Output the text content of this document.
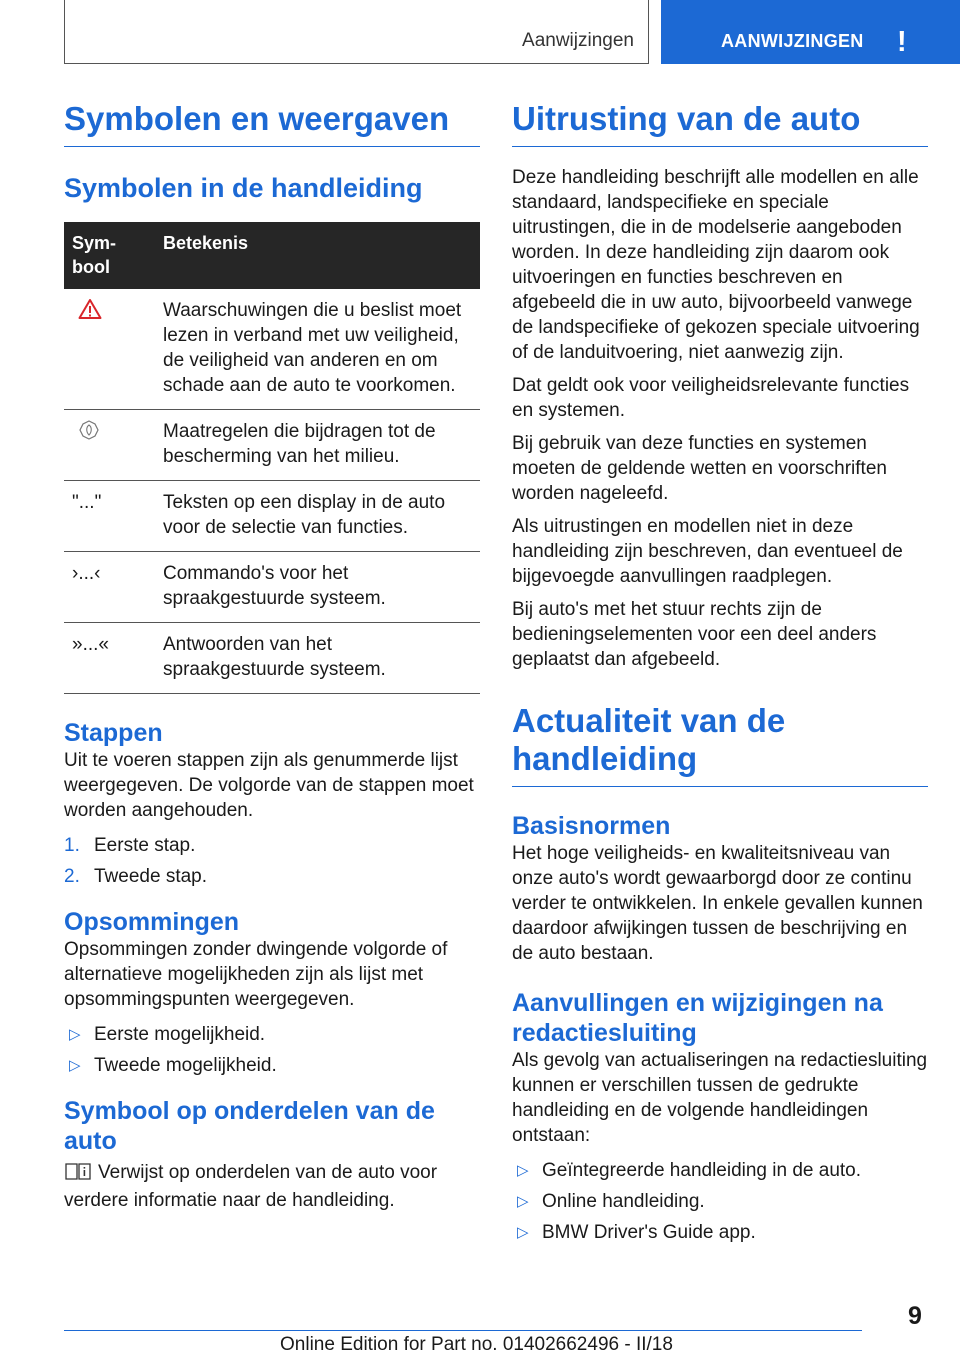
Aanwijzingen	AANWIJZINGEN !
Symbolen en weergaven
Symbolen in de handleiding
Sym-
bool	Betekenis
	Waarschuwingen die u beslist moet lezen in verband met uw veiligheid, de veiligheid van anderen en om schade aan de auto te voorkomen.
	Maatregelen die bijdragen tot de bescherming van het milieu.
"..."	Teksten op een display in de auto voor de selectie van functies.
›...‹	Commando's voor het spraakgestuurde systeem.
»...«	Antwoorden van het spraakgestuurde systeem.
Stappen

Uit te voeren stappen zijn als genummerde lijst weergegeven. De volgorde van de stappen moet worden aangehouden.

1. Eerste stap.
2. Tweede stap.
Opsommingen

Opsommingen zonder dwingende volgorde of alternatieve mogelijkheden zijn als lijst met opsommingspunten weergegeven.

▷ Eerste mogelijkheid.
▷ Tweede mogelijkheid.
Symbool op onderdelen van de auto

Verwijst op onderdelen van de auto voor verdere informatie naar de handleiding.

Uitrusting van de auto

Deze handleiding beschrijft alle modellen en alle standaard, landspecifieke en speciale uitrustingen, die in de modelserie aangeboden worden. In deze handleiding zijn daarom ook uitvoeringen en functies beschreven en afgebeeld die in uw auto, bijvoorbeeld vanwege de landspecifieke of gekozen speciale uitvoering of de landuitvoering, niet aanwezig zijn.

Dat geldt ook voor veiligheidsrelevante functies en systemen.

Bij gebruik van deze functies en systemen moeten de geldende wetten en voorschriften worden nageleefd.

Als uitrustingen en modellen niet in deze handleiding zijn beschreven, dan eventueel de bijgevoegde aanvullingen raadplegen.

Bij auto's met het stuur rechts zijn de bedieningselementen voor een deel anders geplaatst dan afgebeeld.

Actualiteit van de handleiding
Basisnormen

Het hoge veiligheids- en kwaliteitsniveau van onze auto's wordt gewaarborgd door ze continu verder te ontwikkelen. In enkele gevallen kunnen daardoor afwijkingen tussen de beschrijving en de auto bestaan.

Aanvullingen en wijzigingen na redactiesluiting

Als gevolg van actualiseringen na redactiesluiting kunnen er verschillen tussen de gedrukte handleiding en de volgende handleidingen ontstaan:

▷ Geïntegreerde handleiding in de auto.
▷ Online handleiding.
▷ BMW Driver's Guide app.
9
Online Edition for Part no. 01402662496 - II/18
